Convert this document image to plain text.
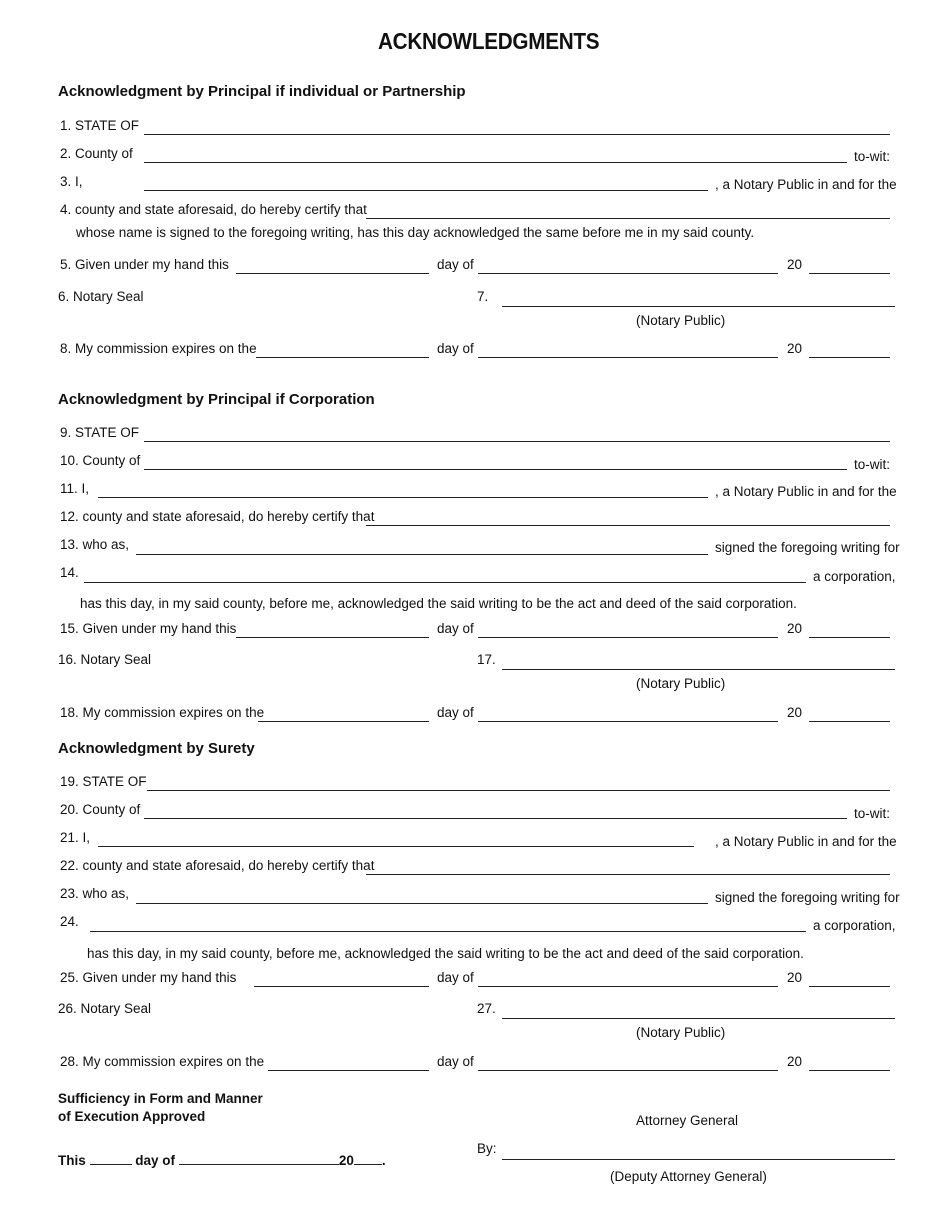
ACKNOWLEDGMENTS
Acknowledgment by Principal if individual or Partnership
1. STATE OF
2. County of	to-wit:
3. I,	, a Notary Public in and for the
4. county and state aforesaid, do hereby certify that
whose name is signed to the foregoing writing, has this day acknowledged the same before me in my said county.
5. Given under my hand this	day of	20
6. Notary Seal	7.
(Notary Public)
8. My commission expires on the	day of	20
Acknowledgment by Principal if Corporation
9. STATE OF
10. County of	to-wit:
11. I,	, a Notary Public in and for the
12. county and state aforesaid, do hereby certify that
13. who as,	signed the foregoing writing for
14.	a corporation,
has this day, in my said county, before me, acknowledged the said writing to be the act and deed of the said corporation.
15. Given under my hand this	day of	20
16. Notary Seal	17.
(Notary Public)
18. My commission expires on the	day of	20
Acknowledgment by Surety
19. STATE OF
20. County of	to-wit:
21. I,	, a Notary Public in and for the
22. county and state aforesaid, do hereby certify that
23. who as,	signed the foregoing writing for
24.	a corporation,
has this day, in my said county, before me, acknowledged the said writing to be the act and deed of the said corporation.
25. Given under my hand this	day of	20
26. Notary Seal	27.
(Notary Public)
28. My commission expires on the	day of	20
Sufficiency in Form and Manner
of Execution Approved	Attorney General
This	day of	20 .
By:
(Deputy Attorney General)
